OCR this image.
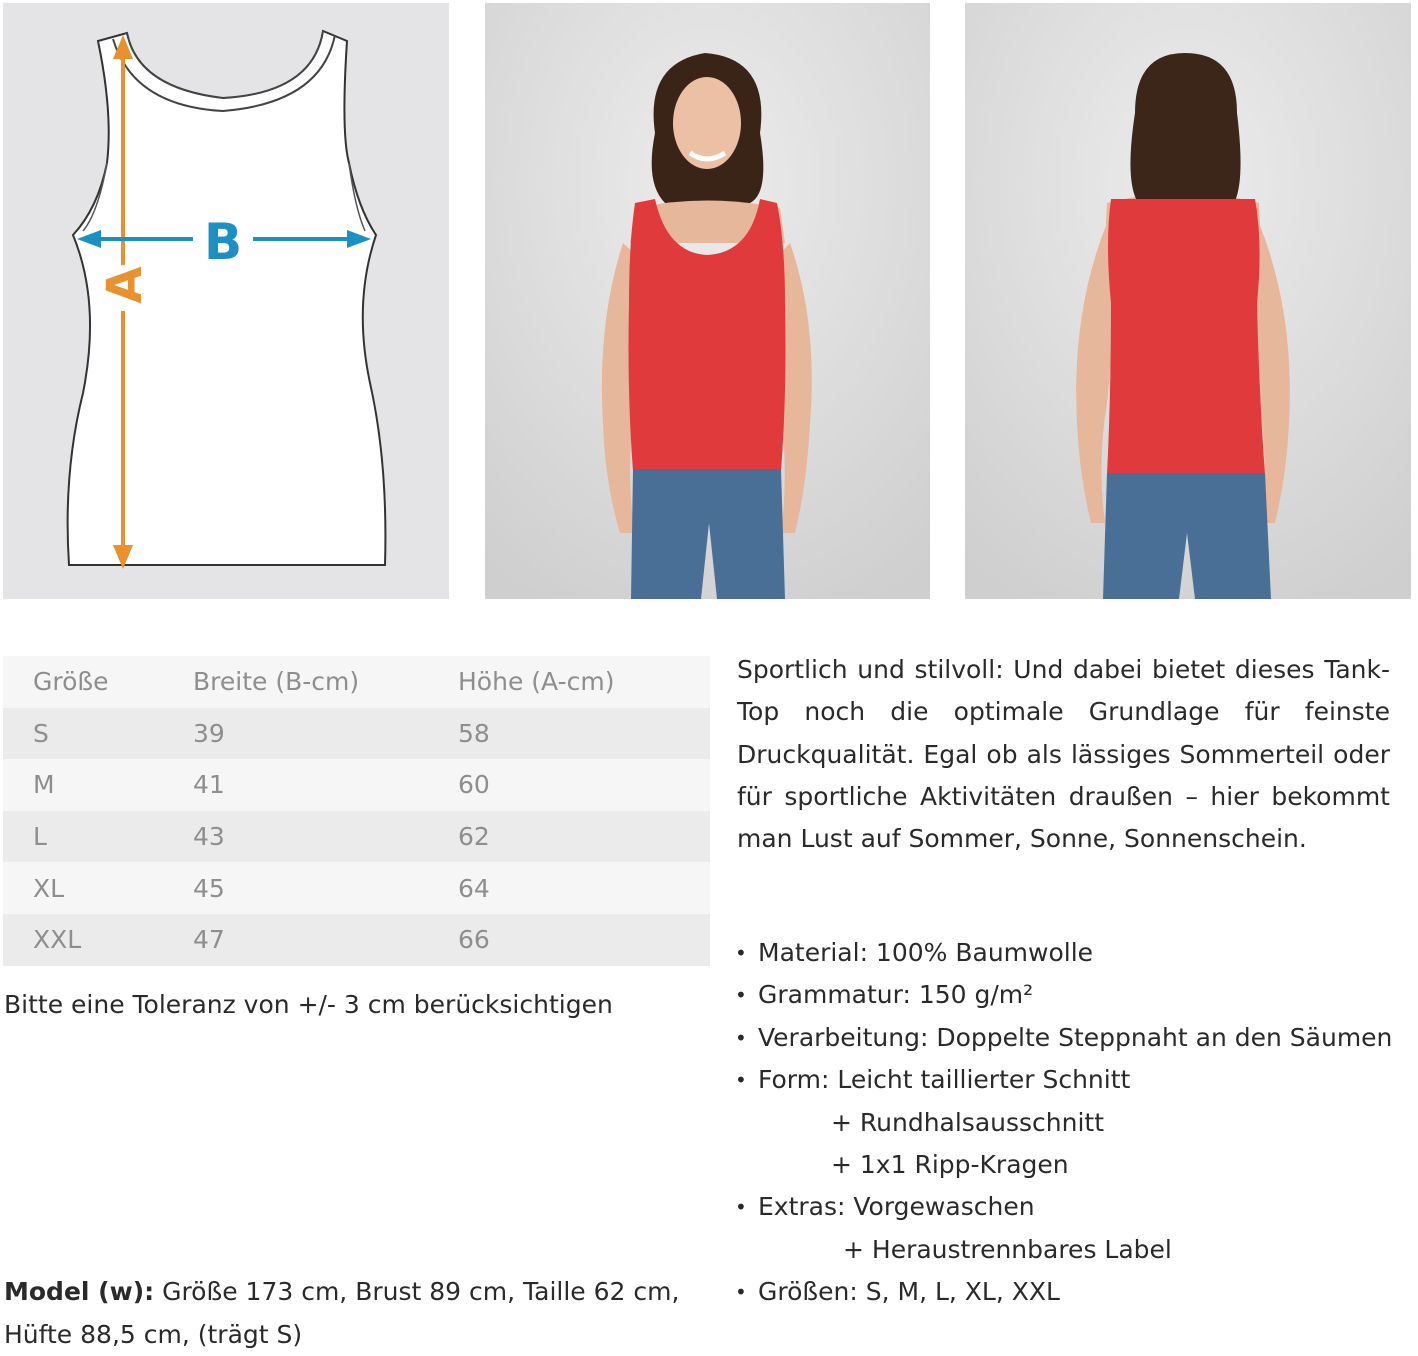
B
A
Größe	Breite (B-cm)	Höhe (A-cm)
S	39	58
M	41	60
L	43	62
XL	45	64
XXL	47	66
Bitte eine Toleranz von +/- 3 cm berücksichtigen
Model (w): Größe 173 cm, Brust 89 cm, Taille 62 cm, Hüfte 88,5 cm, (trägt S)
Sportlich und stilvoll: Und dabei bietet dieses Tank-Top noch die optimale Grundlage für feinste Druckqualität. Egal ob als lässiges Sommerteil oder für sportliche Aktivitäten draußen – hier bekommt man Lust auf Sommer, Sonne, Sonnenschein.
• Material: 100% Baumwolle
• Grammatur: 150 g/m²
• Verarbeitung: Doppelte Steppnaht an den Säumen
• Form: Leicht taillierter Schnitt
+ Rundhalsausschnitt
+ 1x1 Ripp-Kragen
• Extras: Vorgewaschen
+ Heraustrennbares Label
• Größen: S, M, L, XL, XXL
